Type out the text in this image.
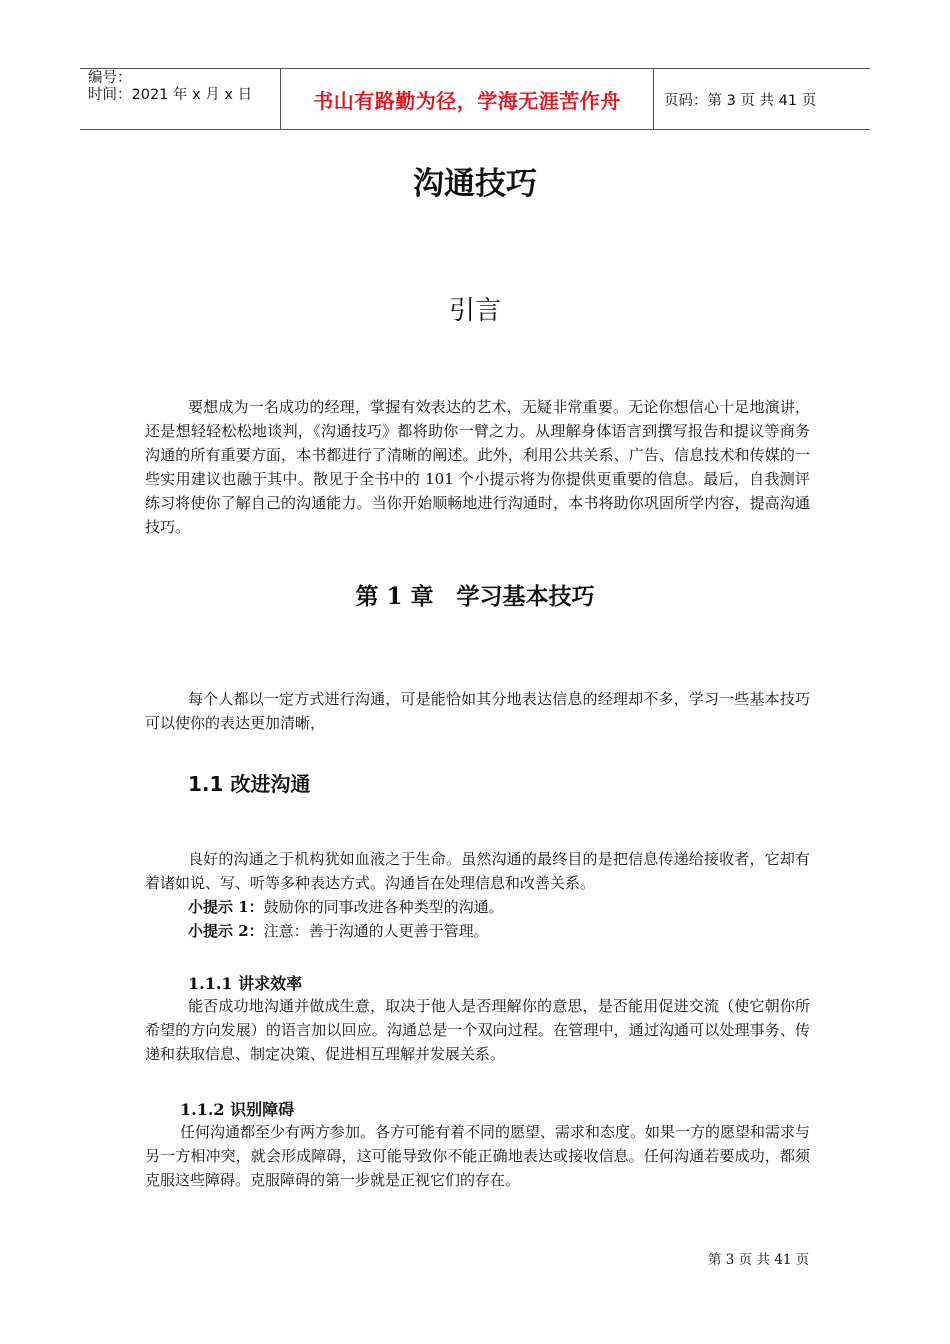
编号：
时间：2021 年 x 月 x 日	书山有路勤为径，学海无涯苦作舟	页码：第 3 页 共 41 页
沟通技巧
引言
要想成为一名成功的经理，掌握有效表达的艺术，无疑非常重要。无论你想信心十足地演讲，还是想轻轻松松地谈判，《沟通技巧》都将助你一臂之力。从理解身体语言到撰写报告和提议等商务沟通的所有重要方面，本书都进行了清晰的阐述。此外，利用公共关系、广告、信息技术和传媒的一些实用建议也融于其中。散见于全书中的 101 个小提示将为你提供更重要的信息。最后，自我测评练习将使你了解自己的沟通能力。当你开始顺畅地进行沟通时，本书将助你巩固所学内容，提高沟通技巧。
第 1 章　学习基本技巧
每个人都以一定方式进行沟通，可是能恰如其分地表达信息的经理却不多，学习一些基本技巧可以使你的表达更加清晰，
1.1 改进沟通
良好的沟通之于机构犹如血液之于生命。虽然沟通的最终目的是把信息传递给接收者，它却有着诸如说、写、听等多种表达方式。沟通旨在处理信息和改善关系。
小提示 1：鼓励你的同事改进各种类型的沟通。
小提示 2：注意：善于沟通的人更善于管理。
1.1.1 讲求效率
能否成功地沟通并做成生意，取决于他人是否理解你的意思，是否能用促进交流（使它朝你所希望的方向发展）的语言加以回应。沟通总是一个双向过程。在管理中，通过沟通可以处理事务、传递和获取信息、制定决策、促进相互理解并发展关系。
1.1.2 识别障碍
任何沟通都至少有两方参加。各方可能有着不同的愿望、需求和态度。如果一方的愿望和需求与另一方相冲突，就会形成障碍，这可能导致你不能正确地表达或接收信息。任何沟通若要成功，都须克服这些障碍。克服障碍的第一步就是正视它们的存在。
第 3 页 共 41 页
